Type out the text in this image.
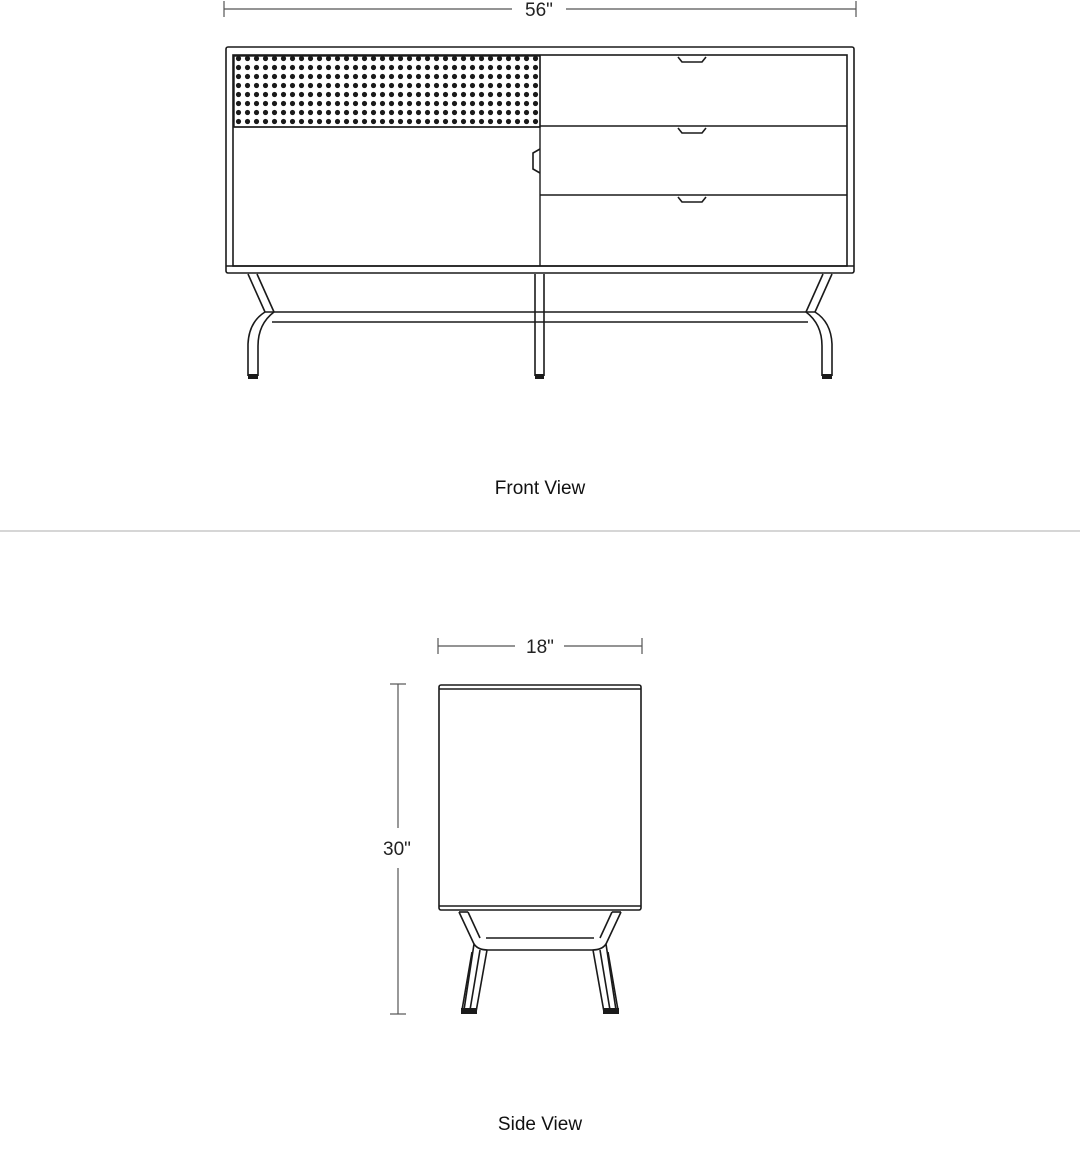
56"
Front View
18"
30"
Side View
